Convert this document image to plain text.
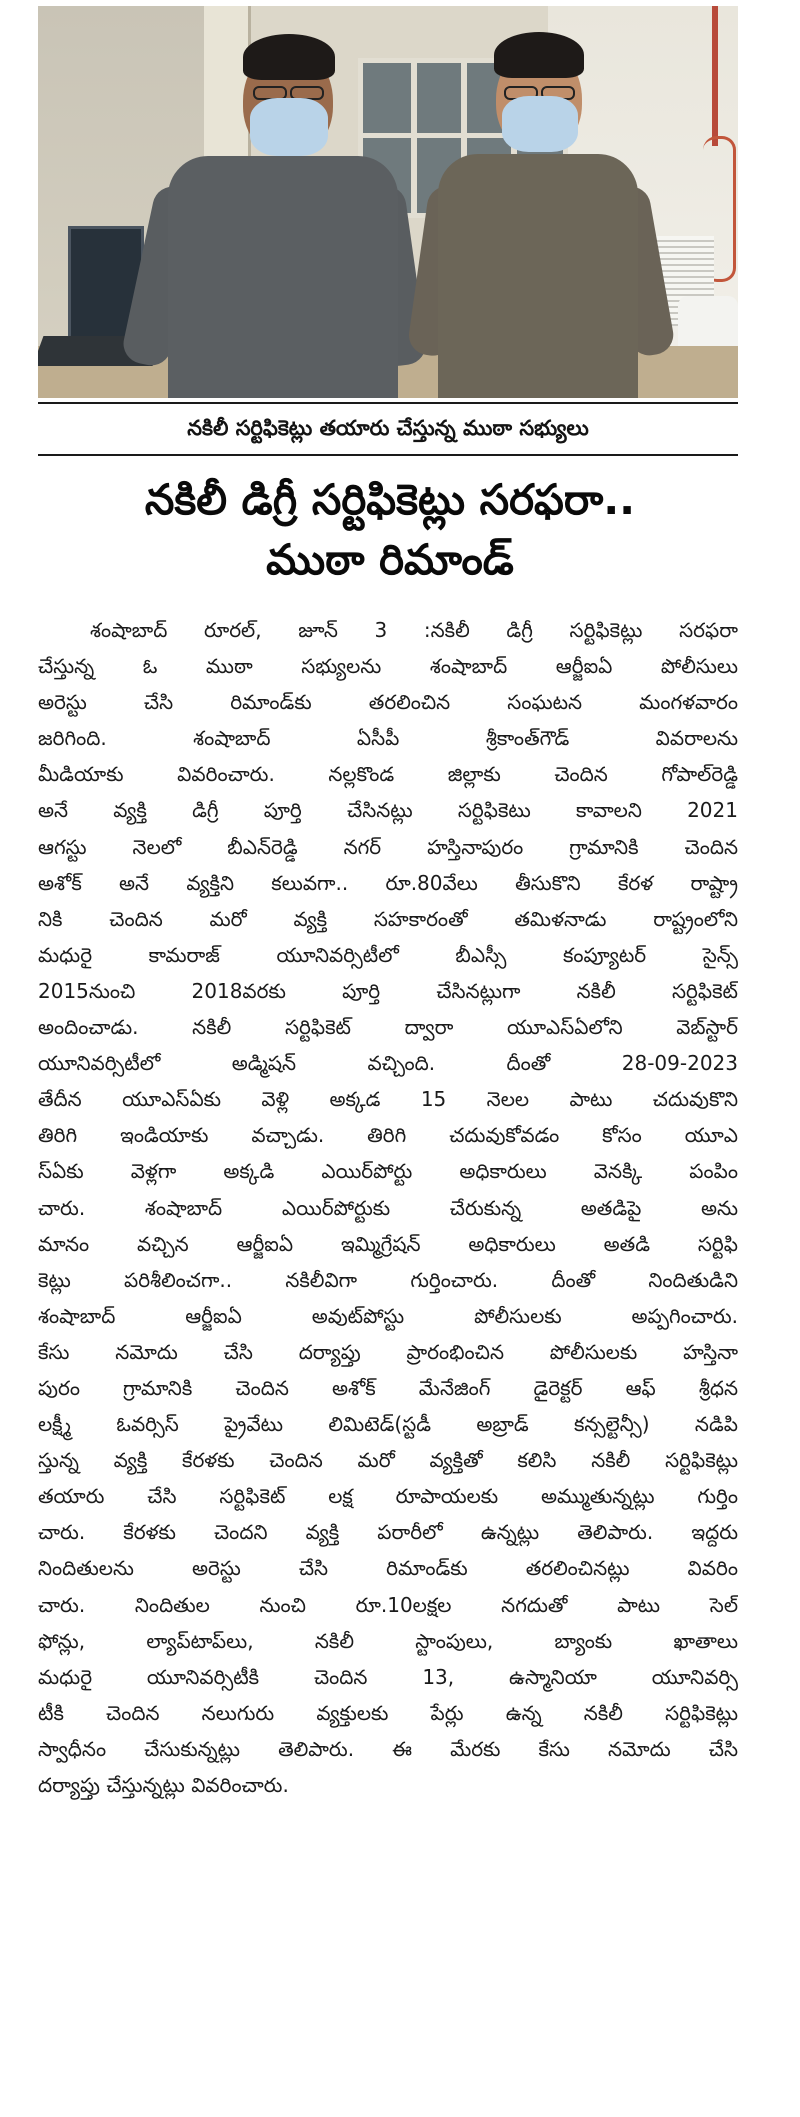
నకిలీ సర్టిఫికెట్లు తయారు చేస్తున్న ముఠా సభ్యులు
నకిలీ డిగ్రీ సర్టిఫికెట్లు సరఫరా..
ముఠా రిమాండ్
శంషాబాద్ రూరల్, జూన్ 3 :నకిలీ డిగ్రీ సర్టిఫికెట్లు సరఫరా
చేస్తున్న ఓ ముఠా సభ్యులను శంషాబాద్ ఆర్జీఐఏ పోలీసులు
అరెస్టు చేసి రిమాండ్‌కు తరలించిన సంఘటన మంగళవారం
జరిగింది. శంషాబాద్ ఏసీపీ శ్రీకాంత్‌గౌడ్ వివరాలను
మీడియాకు వివరించారు. నల్లకొండ జిల్లాకు చెందిన గోపాల్‌రెడ్డి
అనే వ్యక్తి డిగ్రీ పూర్తి చేసినట్లు సర్టిఫికెటు కావాలని 2021
ఆగస్టు నెలలో బీఎన్‌రెడ్డి నగర్ హస్తినాపురం గ్రామానికి చెందిన
అశోక్ అనే వ్యక్తిని కలువగా.. రూ.80వేలు తీసుకొని కేరళ రాష్ట్రా
నికి చెందిన మరో వ్యక్తి సహకారంతో తమిళనాడు రాష్ట్రంలోని
మధురై కామరాజ్ యూనివర్సిటీలో బీఎస్సీ కంప్యూటర్ సైన్స్
2015నుంచి 2018వరకు పూర్తి చేసినట్లుగా నకిలీ సర్టిఫికెట్
అందించాడు. నకిలీ సర్టిఫికెట్ ద్వారా యూఎస్ఏలోని వెబ్‌స్టార్
యూనివర్సిటీలో అడ్మిషన్ వచ్చింది. దీంతో 28-09-2023
తేదీన యూఎస్ఏకు వెళ్లి అక్కడ 15 నెలల పాటు చదువుకొని
తిరిగి ఇండియాకు వచ్చాడు. తిరిగి చదువుకోవడం కోసం యూఎ
స్ఏకు వెళ్లగా అక్కడి ఎయిర్‌పోర్టు అధికారులు వెనక్కి పంపిం
చారు. శంషాబాద్ ఎయిర్‌పోర్టుకు చేరుకున్న అతడిపై అను
మానం వచ్చిన ఆర్జీఐఏ ఇమ్మిగ్రేషన్ అధికారులు అతడి సర్టిఫి
కెట్లు పరిశీలించగా.. నకిలీవిగా గుర్తించారు. దీంతో నిందితుడిని
శంషాబాద్ ఆర్జీఐఏ అవుట్‌పోస్టు పోలీసులకు అప్పగించారు.
కేసు నమోదు చేసి దర్యాప్తు ప్రారంభించిన పోలీసులకు హస్తినా
పురం గ్రామానికి చెందిన అశోక్ మేనేజింగ్ డైరెక్టర్ ఆఫ్ శ్రీధన
లక్ష్మీ ఓవర్సిస్ ప్రైవేటు లిమిటెడ్(స్టడీ అబ్రాడ్ కన్సల్టెన్సీ) నడిపి
స్తున్న వ్యక్తి కేరళకు చెందిన మరో వ్యక్తితో కలిసి నకిలీ సర్టిఫికెట్లు
తయారు చేసి సర్టిఫికెట్ లక్ష రూపాయలకు అమ్ముతున్నట్లు గుర్తిం
చారు. కేరళకు చెందని వ్యక్తి పరారీలో ఉన్నట్లు తెలిపారు. ఇద్దరు
నిందితులను అరెస్టు చేసి రిమాండ్‌కు తరలించినట్లు వివరిం
చారు. నిందితుల నుంచి రూ.10లక్షల నగదుతో పాటు సెల్
ఫోన్లు, ల్యాప్‌టాప్‌లు, నకిలీ స్టాంపులు, బ్యాంకు ఖాతాలు
మధురై యూనివర్సిటీకి చెందిన 13, ఉస్మానియా యూనివర్సి
టీకి చెందిన నలుగురు వ్యక్తులకు పేర్లు ఉన్న నకిలీ సర్టిఫికెట్లు
స్వాధీనం చేసుకున్నట్లు తెలిపారు. ఈ మేరకు కేసు నమోదు చేసి
దర్యాప్తు చేస్తున్నట్లు వివరించారు.
